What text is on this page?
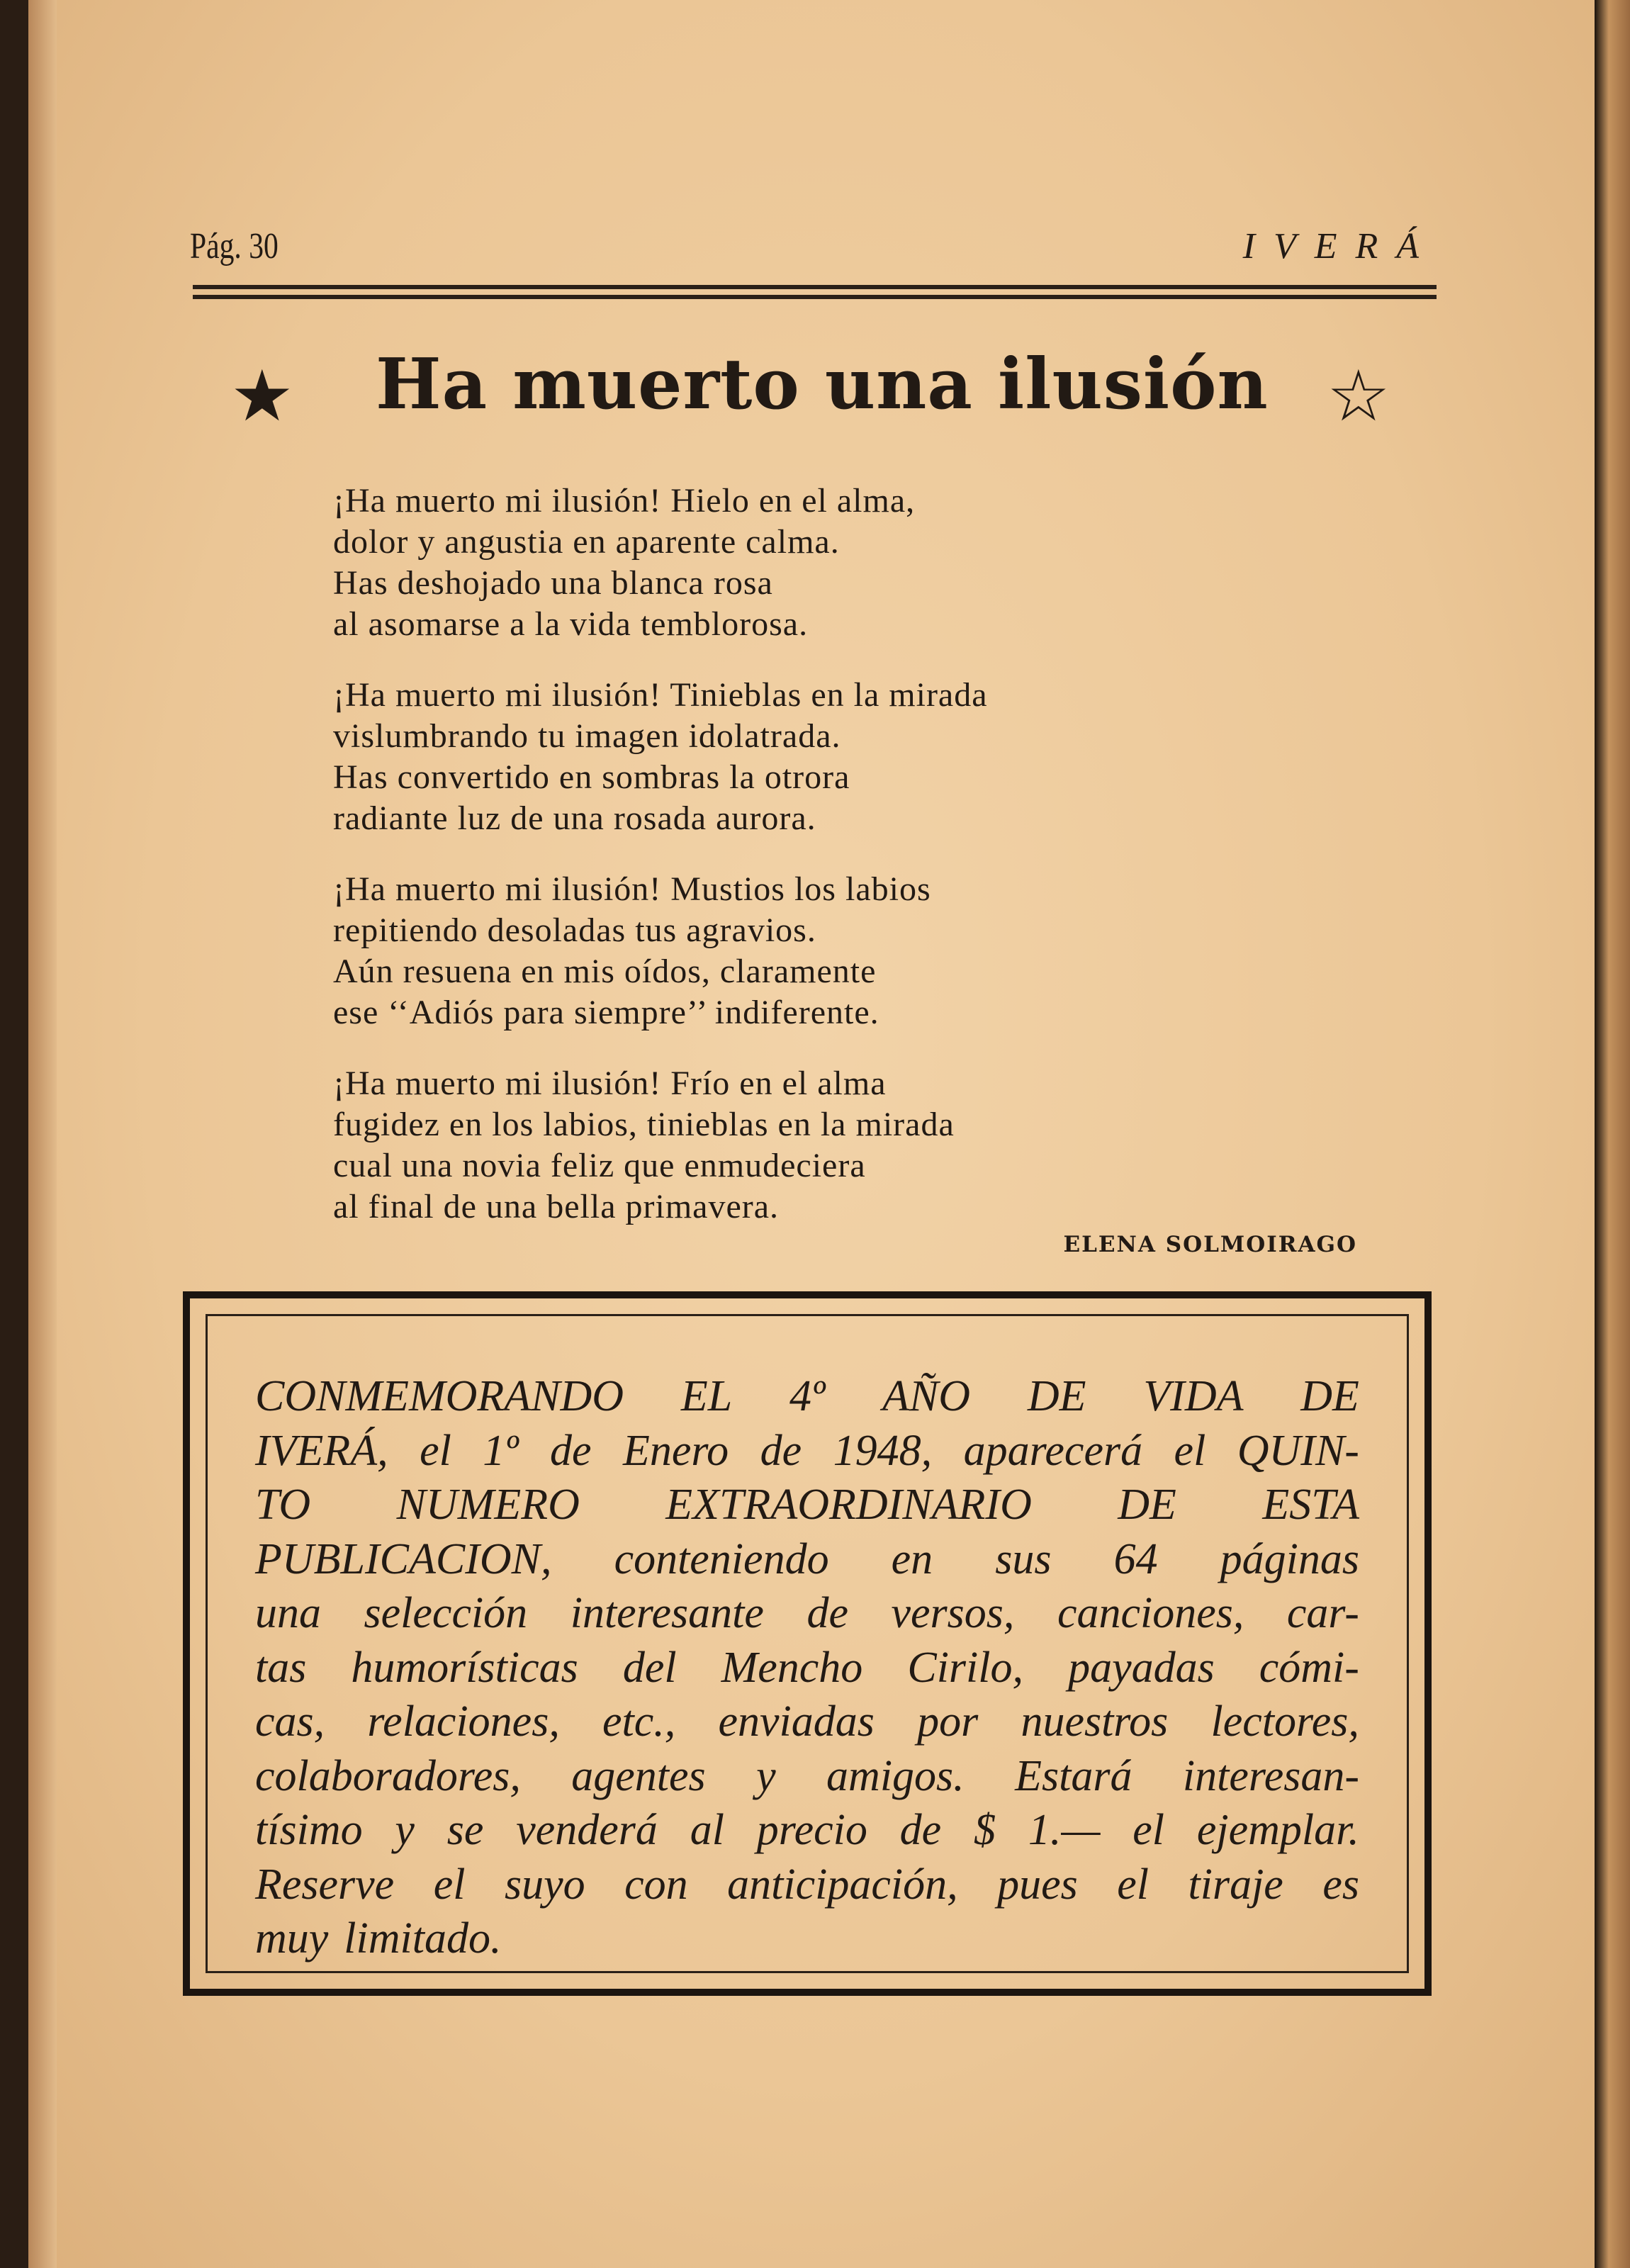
Pág. 30	IVERÁ
★ Ha muerto una ilusión ☆
¡Ha muerto mi ilusión! Hielo en el alma,
dolor y angustia en aparente calma.
Has deshojado una blanca rosa
al asomarse a la vida temblorosa.
¡Ha muerto mi ilusión! Tinieblas en la mirada
vislumbrando tu imagen idolatrada.
Has convertido en sombras la otrora
radiante luz de una rosada aurora.
¡Ha muerto mi ilusión! Mustios los labios
repitiendo desoladas tus agravios.
Aún resuena en mis oídos, claramente
ese ‘‘Adiós para siempre’’ indiferente.
¡Ha muerto mi ilusión! Frío en el alma
fugidez en los labios, tinieblas en la mirada
cual una novia feliz que enmudeciera
al final de una bella primavera.
ELENA SOLMOIRAGO
CONMEMORANDO EL 4º AÑO DE VIDA DE
IVERÁ, el 1º de Enero de 1948, aparecerá el QUIN-
TO NUMERO EXTRAORDINARIO DE ESTA
PUBLICACION, conteniendo en sus 64 páginas
una selección interesante de versos, canciones, car-
tas humorísticas del Mencho Cirilo, payadas cómi-
cas, relaciones, etc., enviadas por nuestros lectores,
colaboradores, agentes y amigos. Estará interesan-
tísimo y se venderá al precio de $ 1.— el ejemplar.
Reserve el suyo con anticipación, pues el tiraje es
muy limitado.
